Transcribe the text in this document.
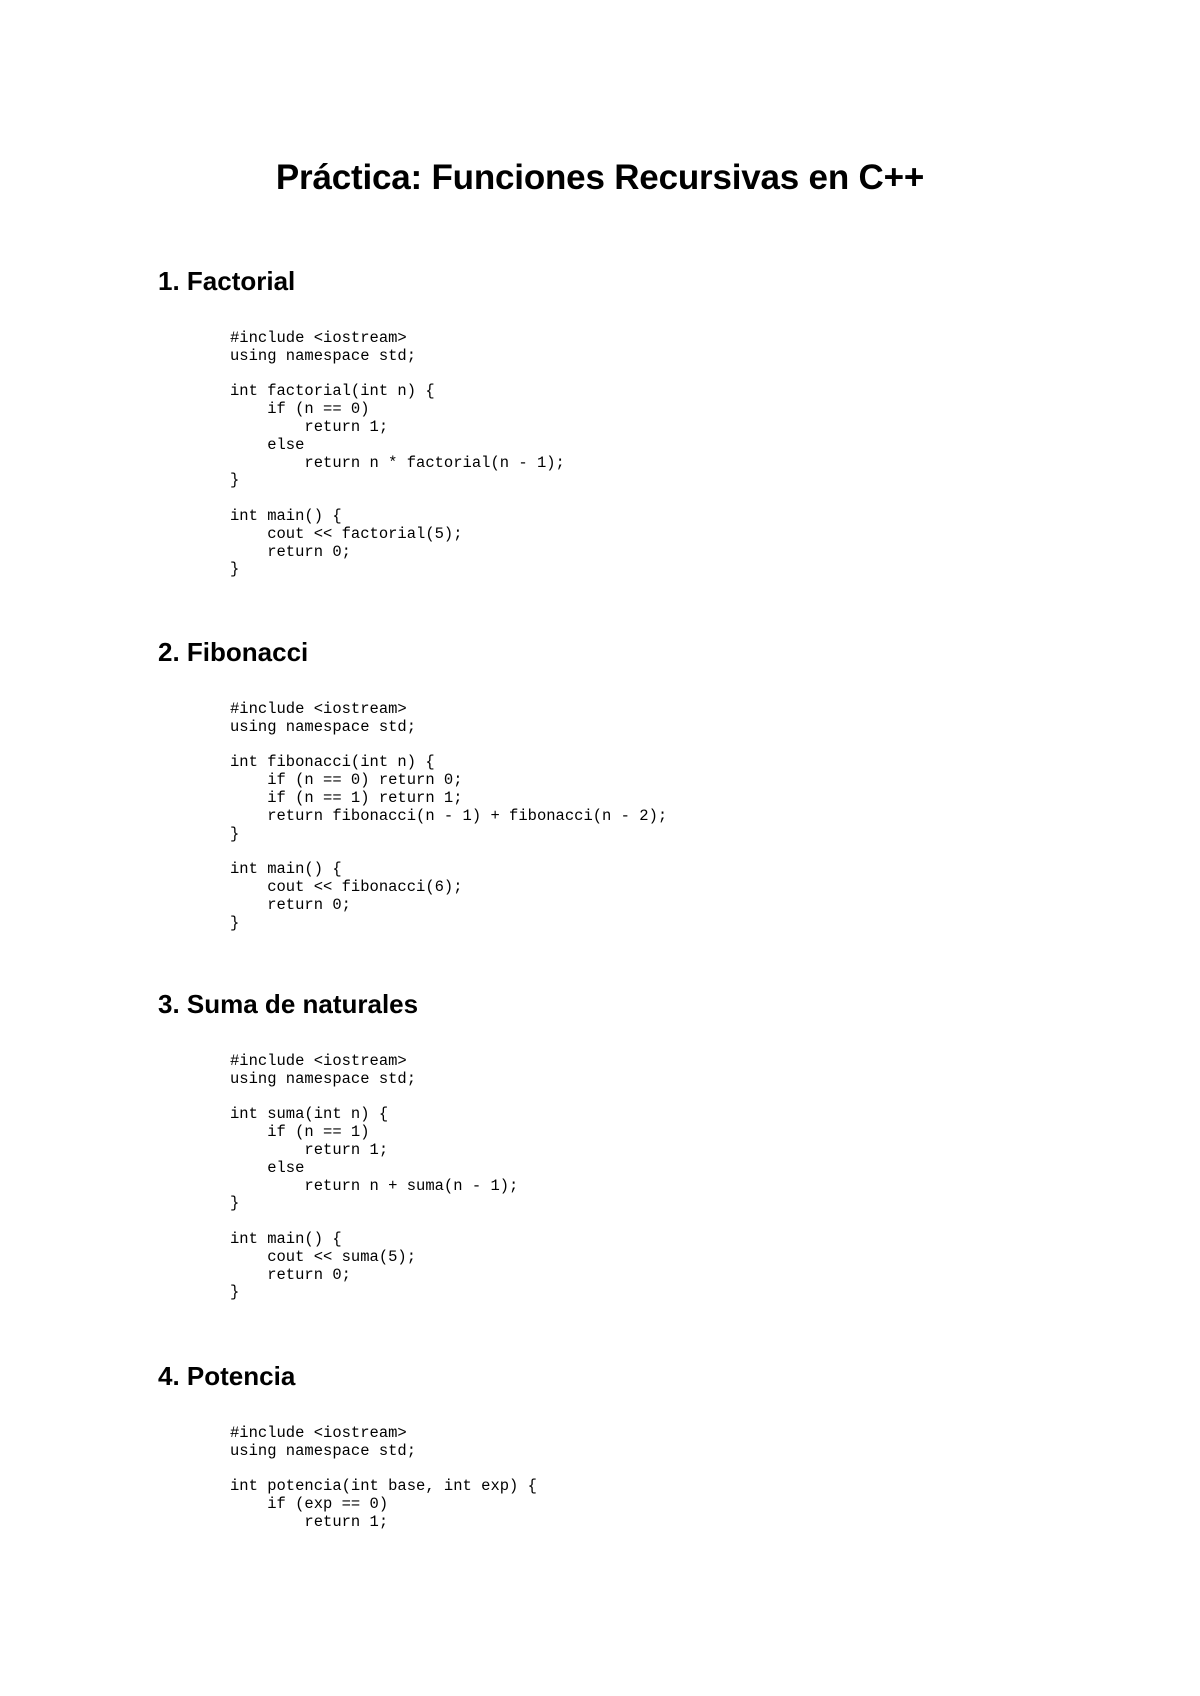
Práctica: Funciones Recursivas en C++
1. Factorial
#include <iostream>
using namespace std;
int factorial(int n) {
if (n == 0)
return 1;
else
return n * factorial(n - 1);
}
int main() {
cout << factorial(5);
return 0;
}
2. Fibonacci
#include <iostream>
using namespace std;
int fibonacci(int n) {
if (n == 0) return 0;
if (n == 1) return 1;
return fibonacci(n - 1) + fibonacci(n - 2);
}
int main() {
cout << fibonacci(6);
return 0;
}
3. Suma de naturales
#include <iostream>
using namespace std;
int suma(int n) {
if (n == 1)
return 1;
else
return n + suma(n - 1);
}
int main() {
cout << suma(5);
return 0;
}
4. Potencia
#include <iostream>
using namespace std;
int potencia(int base, int exp) {
if (exp == 0)
return 1;
